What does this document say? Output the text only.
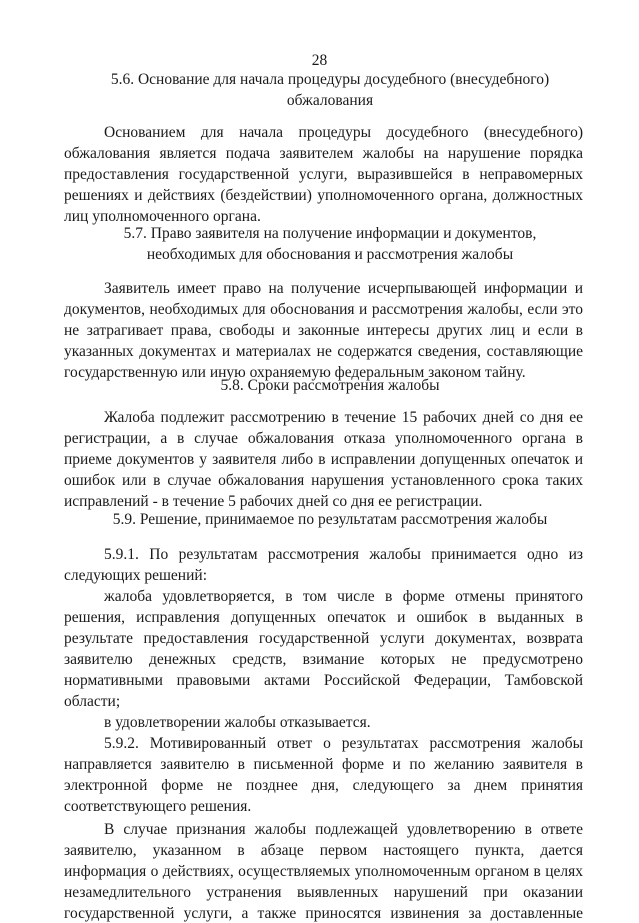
28
5.6. Основание для начала процедуры досудебного (внесудебного)
обжалования
Основанием для начала процедуры досудебного (внесудебного)
обжалования является подача заявителем жалобы на нарушение порядка
предоставления государственной услуги, выразившейся в неправомерных
решениях и действиях (бездействии) уполномоченного органа, должностных
лиц уполномоченного органа.
5.7. Право заявителя на получение информации и документов,
необходимых для обоснования и рассмотрения жалобы
Заявитель имеет право на получение исчерпывающей информации и
документов, необходимых для обоснования и рассмотрения жалобы, если это
не затрагивает права, свободы и законные интересы других лиц и если в
указанных документах и материалах не содержатся сведения, составляющие
государственную или иную охраняемую федеральным законом тайну.
5.8. Сроки рассмотрения жалобы
Жалоба подлежит рассмотрению в течение 15 рабочих дней со дня ее
регистрации, а в случае обжалования отказа уполномоченного органа в
приеме документов у заявителя либо в исправлении допущенных опечаток и
ошибок или в случае обжалования нарушения установленного срока таких
исправлений - в течение 5 рабочих дней со дня ее регистрации.
5.9. Решение, принимаемое по результатам рассмотрения жалобы
5.9.1. По результатам рассмотрения жалобы принимается одно из
следующих решений:
жалоба удовлетворяется, в том числе в форме отмены принятого
решения, исправления допущенных опечаток и ошибок в выданных в
результате предоставления государственной услуги документах, возврата
заявителю денежных средств, взимание которых не предусмотрено
нормативными правовыми актами Российской Федерации, Тамбовской
области;
в удовлетворении жалобы отказывается.
5.9.2. Мотивированный ответ о результатах рассмотрения жалобы
направляется заявителю в письменной форме и по желанию заявителя в
электронной форме не позднее дня, следующего за днем принятия
соответствующего решения.
В случае признания жалобы подлежащей удовлетворению в ответе
заявителю, указанном в абзаце первом настоящего пункта, дается
информация о действиях, осуществляемых уполномоченным органом в целях
незамедлительного устранения выявленных нарушений при оказании
государственной услуги, а также приносятся извинения за доставленные
